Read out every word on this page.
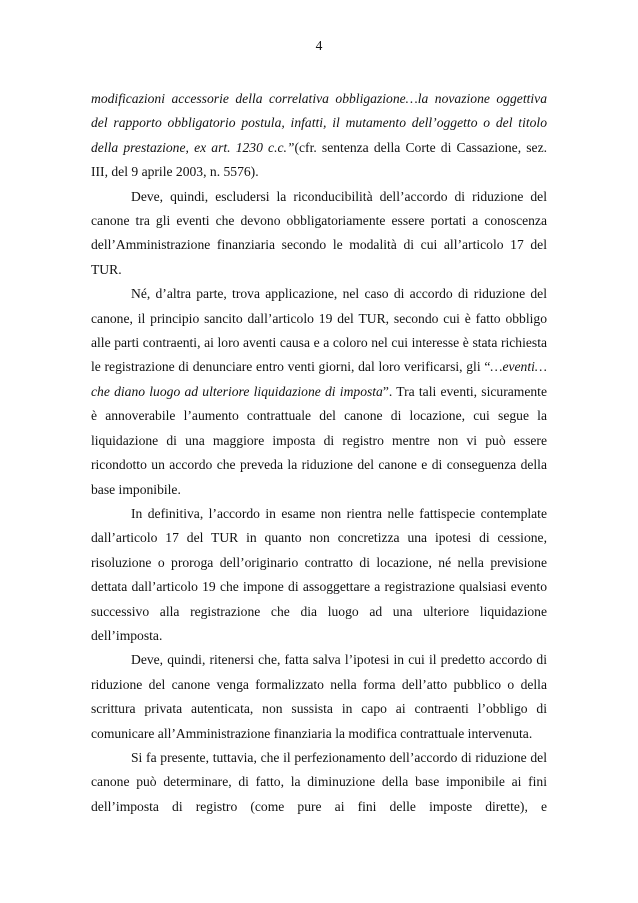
4

modificazioni accessorie della correlativa obbligazione…la novazione oggettiva del rapporto obbligatorio postula, infatti, il mutamento dell’oggetto o del titolo della prestazione, ex art. 1230 c.c.”(cfr. sentenza della Corte di Cassazione, sez. III, del 9 aprile 2003, n. 5576).

Deve, quindi, escludersi la riconducibilità dell’accordo di riduzione del canone tra gli eventi che devono obbligatoriamente essere portati a conoscenza dell’Amministrazione finanziaria secondo le modalità di cui all’articolo 17 del TUR.

Né, d’altra parte, trova applicazione, nel caso di accordo di riduzione del canone, il principio sancito dall’articolo 19 del TUR, secondo cui è fatto obbligo alle parti contraenti, ai loro aventi causa e a coloro nel cui interesse è stata richiesta le registrazione di denunciare entro venti giorni, dal loro verificarsi, gli “…eventi…che diano luogo ad ulteriore liquidazione di imposta”. Tra tali eventi, sicuramente è annoverabile l’aumento contrattuale del canone di locazione, cui segue la liquidazione di una maggiore imposta di registro mentre non vi può essere ricondotto un accordo che preveda la riduzione del canone e di conseguenza della base imponibile.

In definitiva, l’accordo in esame non rientra nelle fattispecie contemplate dall’articolo 17 del TUR in quanto non concretizza una ipotesi di cessione, risoluzione o proroga dell’originario contratto di locazione, né nella previsione dettata dall’articolo 19 che impone di assoggettare a registrazione qualsiasi evento successivo alla registrazione che dia luogo ad una ulteriore liquidazione dell’imposta.

Deve, quindi, ritenersi che, fatta salva l’ipotesi in cui il predetto accordo di riduzione del canone venga formalizzato nella forma dell’atto pubblico o della scrittura privata autenticata, non sussista in capo ai contraenti l’obbligo di comunicare all’Amministrazione finanziaria la modifica contrattuale intervenuta.

Si fa presente, tuttavia, che il perfezionamento dell’accordo di riduzione del canone può determinare, di fatto, la diminuzione della base imponibile ai fini dell’imposta di registro (come pure ai fini delle imposte dirette), e
